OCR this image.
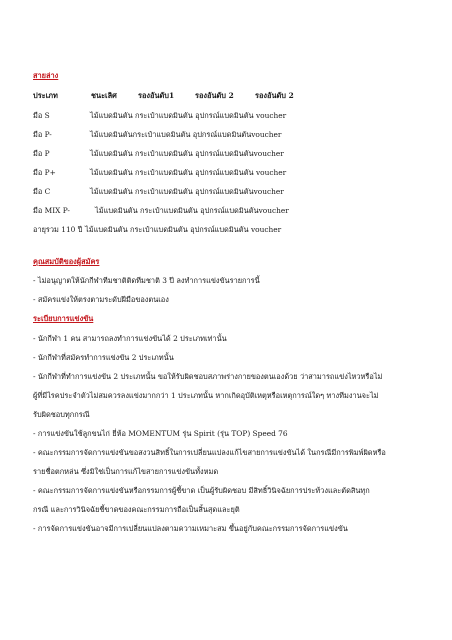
สายล่าง
ประเภท	ชนะเลิศ	รองอันดับ1	รองอันดับ 2	รองอันดับ 2
มือ S	ไม้แบดมินตัน กระเป๋าแบดมินตัน อุปกรณ์แบดมินตัน voucher
มือ P-	ไม้แบดมินตันกระเป๋าแบดมินตัน อุปกรณ์แบดมินตันvoucher
มือ P	ไม้แบดมินตัน กระเป๋าแบดมินตัน อุปกรณ์แบดมินตันvoucher
มือ P+	ไม้แบดมินตัน กระเป๋าแบดมินตัน อุปกรณ์แบดมินตัน voucher
มือ C	ไม้แบดมินตัน กระเป๋าแบดมินตัน อุปกรณ์แบดมินตันvoucher
มือ MIX P-	ไม้แบดมินตัน กระเป๋าแบดมินตัน อุปกรณ์แบดมินตันvoucher
อายุรวม 110 ปี ไม้แบดมินตัน กระเป๋าแบดมินตัน อุปกรณ์แบดมินตัน voucher
คุณสมบัติของผู้สมัคร
- ไม่อนุญาตให้นักกีฬาทีมชาติติดทีมชาติ 3 ปี ลงทำการแข่งขันรายการนี้
- สมัครแข่งให้ตรงตามระดับฝีมือของตนเอง
ระเบียบการแข่งขัน
- นักกีฬา 1 คน สามารถลงทำการแข่งขันได้ 2 ประเภทเท่านั้น
- นักกีฬาที่สมัครทำการแข่งขัน 2 ประเภทนั้น
- นักกีฬาที่ทำการแข่งขัน 2 ประเภทนั้น ขอให้รับผิดชอบสภาพร่างกายของตนเองด้วย ว่าสามารถแข่งไหวหรือไม่
ผู้ที่มีไรคประจำตัวไม่สมควรลงแข่งมากกว่า 1 ประเภทนั้น หากเกิดอุบัติเหตุหรือเหตุการณ์ใดๆ ทางทีมงานจะไม่
รับผิดชอบทุกกรณี
- การแข่งขันใช้ลูกขนไก่ ยี่ห้อ MOMENTUM รุ่น Spirit (รุ่น TOP) Speed 76
- คณะกรรมการจัดการแข่งขันขอสงวนสิทธิ์ในการเปลี่ยนแปลงแก้ไขสายการแข่งขันได้ ในกรณีมีการพิมพ์ผิดหรือ
รายชื่อตกหล่น ซึ่งมิใช่เป็นการแก้ไขสายการแข่งขันทั้งหมด
- คณะกรรมการจัดการแข่งขันหรือกรรมการผู้ชี้ขาด เป็นผู้รับผิดชอบ มีสิทธิ์วินิจฉัยการประท้วงและตัดสินทุก
กรณี และการวินิจฉัยชี้ขาดของคณะกรรมการถือเป็นสิ้นสุดและยุติ
- การจัดการแข่งขันอาจมีการเปลี่ยนแปลงตามความเหมาะสม ขึ้นอยู่กับคณะกรรมการจัดการแข่งขัน
